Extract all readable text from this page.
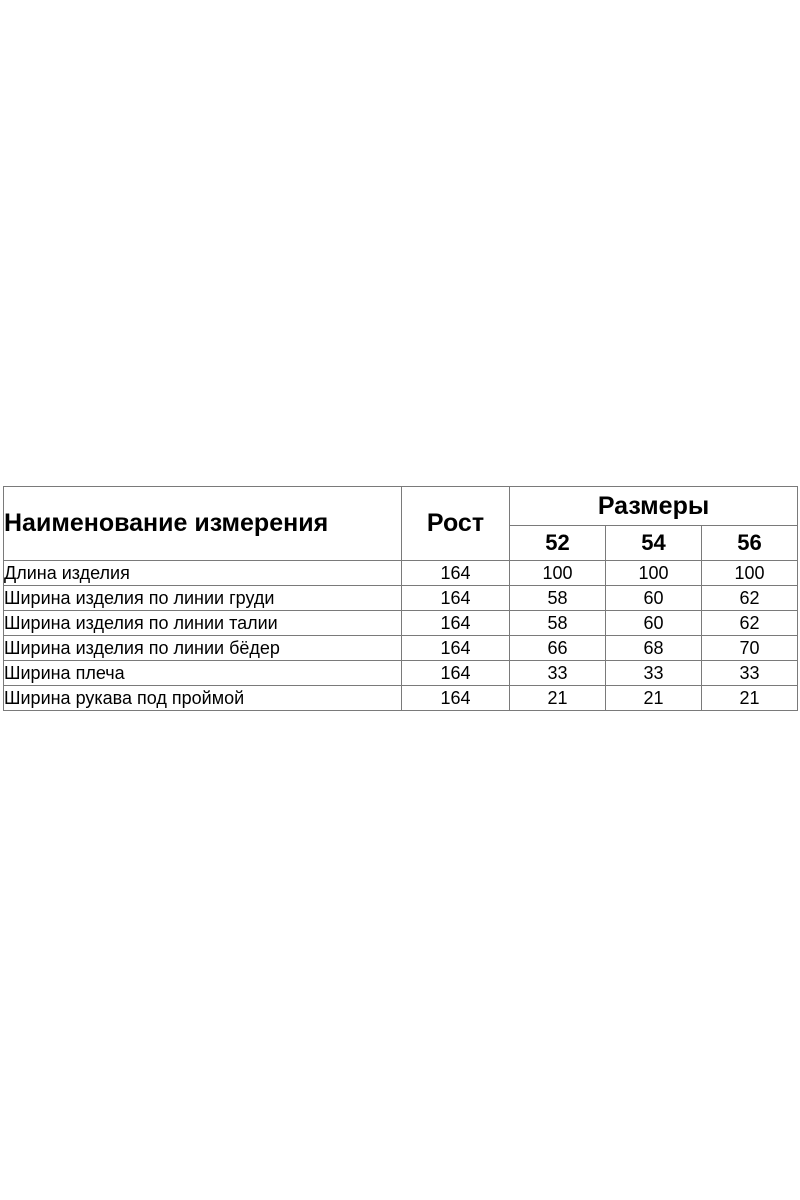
Наименование измерения	Рост	Размеры		
		52	54	56
Длина изделия	164	100	100	100
Ширина изделия по линии груди	164	58	60	62
Ширина изделия по линии талии	164	58	60	62
Ширина изделия по линии бёдер	164	66	68	70
Ширина плеча	164	33	33	33
Ширина рукава под проймой	164	21	21	21
